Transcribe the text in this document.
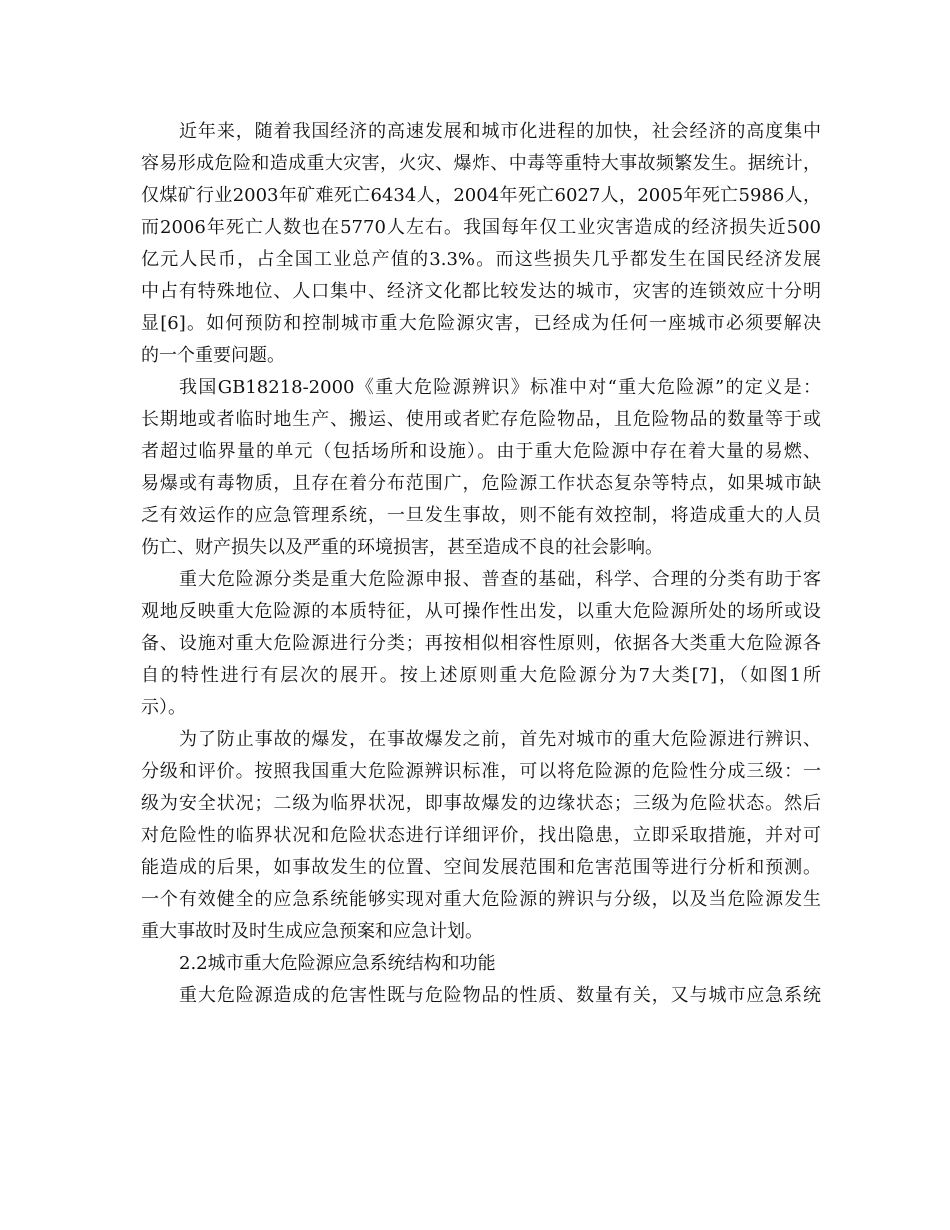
近年来，随着我国经济的高速发展和城市化进程的加快，社会经济的高度集中
容易形成危险和造成重大灾害，火灾、爆炸、中毒等重特大事故频繁发生。据统计，
仅煤矿行业2003年矿难死亡6434人，2004年死亡6027人，2005年死亡5986人，
而2006年死亡人数也在5770人左右。我国每年仅工业灾害造成的经济损失近500
亿元人民币，占全国工业总产值的3.3%。而这些损失几乎都发生在国民经济发展
中占有特殊地位、人口集中、经济文化都比较发达的城市，灾害的连锁效应十分明
显[6]。如何预防和控制城市重大危险源灾害，已经成为任何一座城市必须要解决
的一个重要问题。
我国GB18218-2000《重大危险源辨识》标准中对“重大危险源”的定义是：
长期地或者临时地生产、搬运、使用或者贮存危险物品，且危险物品的数量等于或
者超过临界量的单元（包括场所和设施）。由于重大危险源中存在着大量的易燃、
易爆或有毒物质，且存在着分布范围广，危险源工作状态复杂等特点，如果城市缺
乏有效运作的应急管理系统，一旦发生事故，则不能有效控制，将造成重大的人员
伤亡、财产损失以及严重的环境损害，甚至造成不良的社会影响。
重大危险源分类是重大危险源申报、普查的基础，科学、合理的分类有助于客
观地反映重大危险源的本质特征，从可操作性出发，以重大危险源所处的场所或设
备、设施对重大危险源进行分类；再按相似相容性原则，依据各大类重大危险源各
自的特性进行有层次的展开。按上述原则重大危险源分为7大类[7]，（如图1所
示）。
为了防止事故的爆发，在事故爆发之前，首先对城市的重大危险源进行辨识、
分级和评价。按照我国重大危险源辨识标准，可以将危险源的危险性分成三级：一
级为安全状况；二级为临界状况，即事故爆发的边缘状态；三级为危险状态。然后
对危险性的临界状况和危险状态进行详细评价，找出隐患，立即采取措施，并对可
能造成的后果，如事故发生的位置、空间发展范围和危害范围等进行分析和预测。
一个有效健全的应急系统能够实现对重大危险源的辨识与分级，以及当危险源发生
重大事故时及时生成应急预案和应急计划。
2.2城市重大危险源应急系统结构和功能
重大危险源造成的危害性既与危险物品的性质、数量有关，又与城市应急系统
